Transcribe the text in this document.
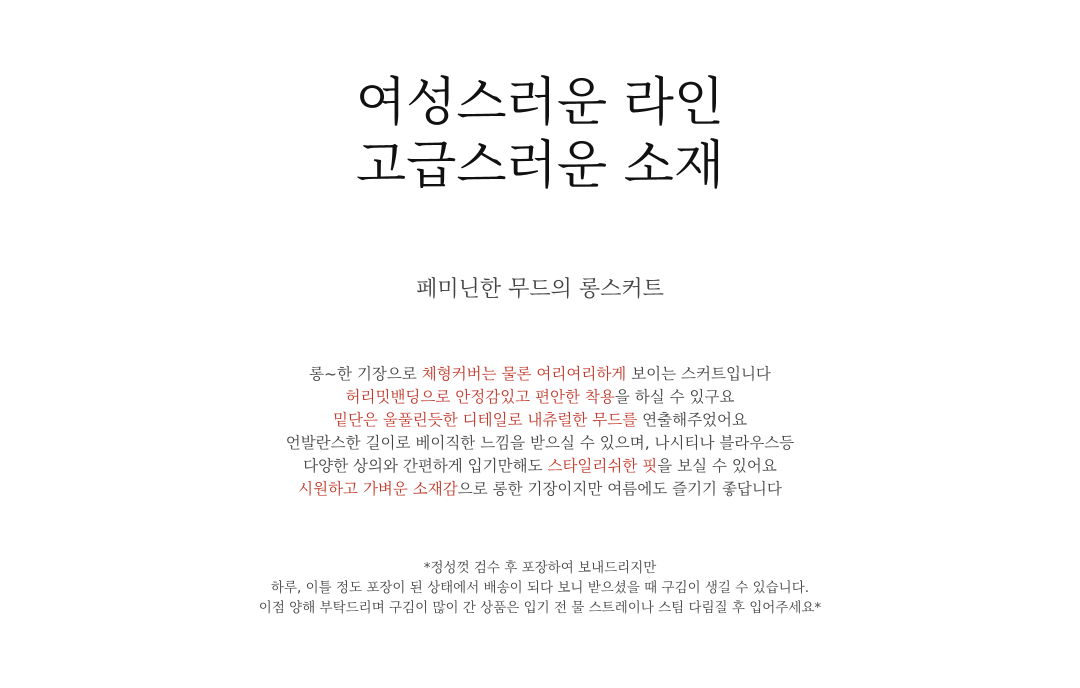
여성스러운 라인
고급스러운 소재
페미닌한 무드의 롱스커트
롱~한 기장으로 체형커버는 물론 여리여리하게 보이는 스커트입니다
허리밋밴딩으로 안정감있고 편안한 착용을 하실 수 있구요
밑단은 울풀린듯한 디테일로 내츄럴한 무드를 연출해주었어요
언발란스한 길이로 베이직한 느낌을 받으실 수 있으며, 나시티나 블라우스등
다양한 상의와 간편하게 입기만해도 스타일리쉬한 핏을 보실 수 있어요
시원하고 가벼운 소재감으로 롱한 기장이지만 여름에도 즐기기 좋답니다
*정성껏 검수 후 포장하여 보내드리지만
하루, 이틀 정도 포장이 된 상태에서 배송이 되다 보니 받으셨을 때 구김이 생길 수 있습니다.
이점 양해 부탁드리며 구김이 많이 간 상품은 입기 전 물 스트레이나 스팀 다림질 후 입어주세요*
